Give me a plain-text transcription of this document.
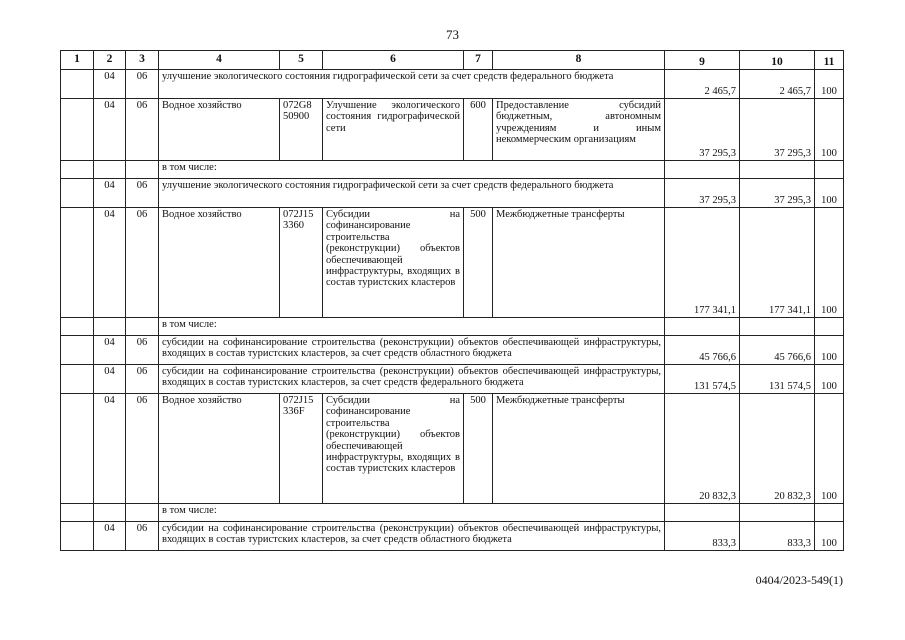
73
1	2	3	4	5	6	7	8	9	10	11
	04	06	улучшение экологического состояния гидрографической сети за счет средств федерального бюджета					2 465,7	2 465,7	100
	04	06	Водное хозяйство	072G8 50900	Улучшение экологического состояния гидрографической сети	600	Предоставление субсидий бюджетным, автономным учреждениям и иным некоммерческим организациям	37 295,3	37 295,3	100
			в том числе:							
	04	06	улучшение экологического состояния гидрографической сети за счет средств федерального бюджета					37 295,3	37 295,3	100
	04	06	Водное хозяйство	072J15 3360	Субсидии на софинансирование строительства (реконструкции) объектов обеспечивающей инфраструктуры, входящих в состав туристских кластеров	500	Межбюджетные трансферты	177 341,1	177 341,1	100
			в том числе:							
	04	06	субсидии на софинансирование строительства (реконструкции) объектов обеспечивающей инфраструктуры, входящих в состав туристских кластеров, за счет средств областного бюджета					45 766,6	45 766,6	100
	04	06	субсидии на софинансирование строительства (реконструкции) объектов обеспечивающей инфраструктуры, входящих в состав туристских кластеров, за счет средств федерального бюджета					131 574,5	131 574,5	100
	04	06	Водное хозяйство	072J15 336F	Субсидии на софинансирование строительства (реконструкции) объектов обеспечивающей инфраструктуры, входящих в состав туристских кластеров	500	Межбюджетные трансферты	20 832,3	20 832,3	100
			в том числе:							
	04	06	субсидии на софинансирование строительства (реконструкции) объектов обеспечивающей инфраструктуры, входящих в состав туристских кластеров, за счет средств областного бюджета					833,3	833,3	100
0404/2023-549(1)
